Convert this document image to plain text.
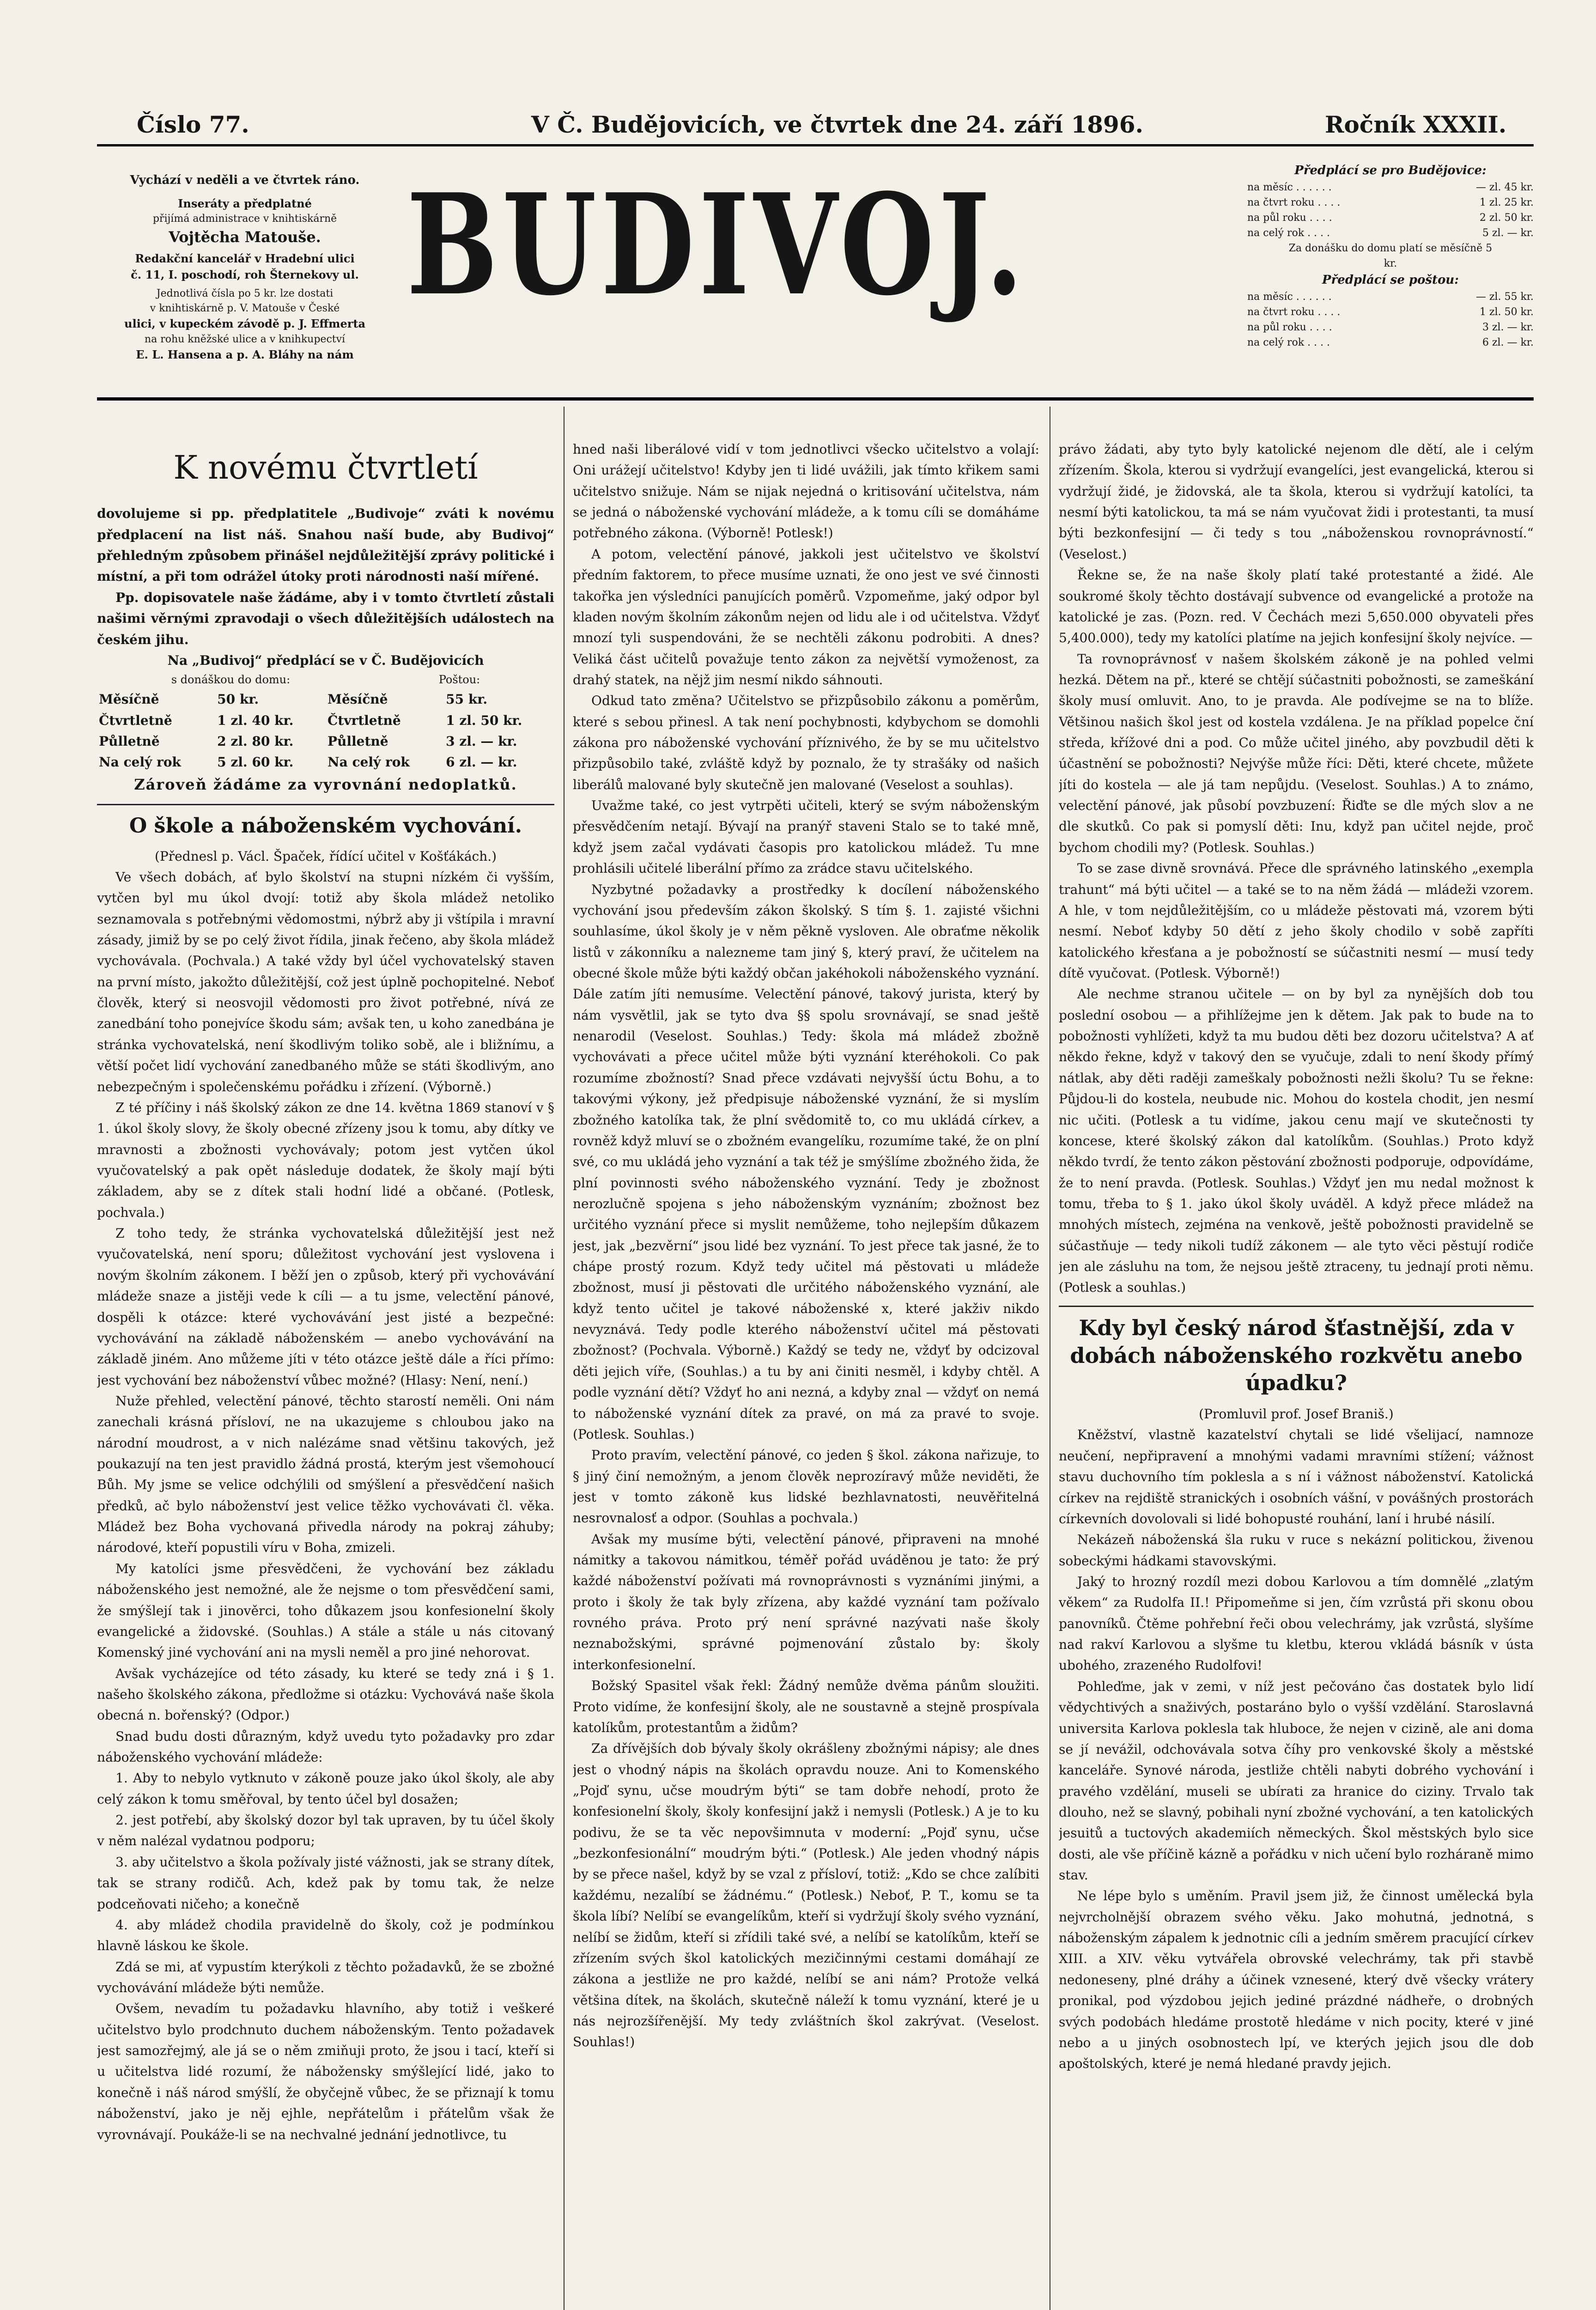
Číslo 77.	V Č. Budějovicích, ve čtvrtek dne 24. září 1896.	Ročník XXXII.
Vychází v neděli a ve čtvrtek ráno.
Inseráty a předplatné
přijímá administrace v knihtiskárně
Vojtěcha Matouše.
Redakční kancelář v Hradební ulici
č. 11, I. poschodí, roh Šternekovy ul.
Jednotlivá čísla po 5 kr. lze dostati
v knihtiskárně p. V. Matouše v České
ulici, v kupeckém závodě p. J. Effmerta
na rohu kněžské ulice a v knihkupectví
E. L. Hansena a p. A. Bláhy na nám
BUDIVOJ.	Předplácí se pro Budějovice:
na měsíc . . . . . .	— zl. 45 kr.
na čtvrt roku . . . .	1 zl. 25 kr.
na půl roku . . . .	2 zl. 50 kr.
na celý rok . . . .	5 zl. — kr.
Za donášku do domu platí se měsíčně 5 kr.
Předplácí se poštou:
na měsíc . . . . . .	— zl. 55 kr.
na čtvrt roku . . . .	1 zl. 50 kr.
na půl roku . . . .	3 zl. — kr.
na celý rok . . . .	6 zl. — kr.
K novému čtvrtletí

dovolujeme si pp. předplatitele „Budivoje“ zváti k novému předplacení na list náš. Snahou naší bude, aby Budivoj“ přehledným způsobem přinášel nejdůležitější zprávy politické i místní, a při tom odrážel útoky proti národnosti naší mířené.

Pp. dopisovatele naše žádáme, aby i v tomto čtvrtletí zůstali našimi věrnými zpravodaji o všech důležitějších událostech na českém jihu.

Na „Budivoj“ předplácí se v Č. Budějovicích

s donáškou do domu:	Poštou:
Měsíčně	50 kr.	Měsíčně	55 kr.
Čtvrtletně	1 zl. 40 kr.	Čtvrtletně	1 zl. 50 kr.
Půlletně	2 zl. 80 kr.	Půlletně	3 zl. — kr.
Na celý rok	5 zl. 60 kr.	Na celý rok	6 zl. — kr.

Zároveň žádáme za vyrovnání nedoplatků.

O škole a náboženském vychování.

(Přednesl p. Václ. Špaček, řídící učitel v Košťákách.)

Ve všech dobách, ať bylo školství na stupni nízkém či vyšším, vytčen byl mu úkol dvojí: totiž aby škola mládež netoliko seznamovala s potřebnými vědomostmi, nýbrž aby ji vštípila i mravní zásady, jimiž by se po celý život řídila, jinak řečeno, aby škola mládež vychovávala. (Pochvala.) A také vždy byl účel vychovatelský staven na první místo, jakožto důležitější, což jest úplně pochopitelné. Neboť člověk, který si neosvojil vědomosti pro život potřebné, nívá ze zanedbání toho ponejvíce škodu sám; avšak ten, u koho zanedbána je stránka vychovatelská, není škodlivým toliko sobě, ale i bližnímu, a větší počet lidí vychování zanedbaného může se státi škodlivým, ano nebezpečným i společenskému pořádku i zřízení. (Výborně.)

Z té příčiny i náš školský zákon ze dne 14. května 1869 stanoví v § 1. úkol školy slovy, že školy obecné zřízeny jsou k tomu, aby dítky ve mravnosti a zbožnosti vychovávaly; potom jest vytčen úkol vyučovatelský a pak opět následuje dodatek, že školy mají býti základem, aby se z dítek stali hodní lidé a občané. (Potlesk, pochvala.)

Z toho tedy, že stránka vychovatelská důležitější jest než vyučovatelská, není sporu; důležitost vychování jest vyslovena i novým školním zákonem. I běží jen o způsob, který při vychovávání mládeže snaze a jistěji vede k cíli — a tu jsme, velectění pánové, dospěli k otázce: které vychovávání jest jisté a bezpečné: vychovávání na základě náboženském — anebo vychovávání na základě jiném. Ano můžeme jíti v této otázce ještě dále a říci přímo: jest vychování bez náboženství vůbec možné? (Hlasy: Není, není.)

Nuže přehled, velectění pánové, těchto starostí neměli. Oni nám zanechali krásná přísloví, ne na ukazujeme s chloubou jako na národní moudrost, a v nich nalézáme snad většinu takových, jež poukazují na ten jest pravidlo žádná prostá, kterým jest všemohoucí Bůh. My jsme se velice odchýlili od smýšlení a přesvědčení našich předků, ač bylo náboženství jest velice těžko vychovávati čl. věka. Mládež bez Boha vychovaná přivedla národy na pokraj záhuby; národové, kteří popustili víru v Boha, zmizeli.

My katolíci jsme přesvědčeni, že vychování bez základu náboženského jest nemožné, ale že nejsme o tom přesvědčení sami, že smýšlejí tak i jinověrci, toho důkazem jsou konfesionelní školy evangelické a židovské. (Souhlas.) A stále a stále u nás citovaný Komenský jiné vychování ani na mysli neměl a pro jiné nehorovat.

Avšak vycházejíce od této zásady, ku které se tedy zná i § 1. našeho školského zákona, předložme si otázku: Vychovává naše škola obecná n. bořenský? (Odpor.)

Snad budu dosti důrazným, když uvedu tyto požadavky pro zdar náboženského vychování mládeže:

1. Aby to nebylo vytknuto v zákoně pouze jako úkol školy, ale aby celý zákon k tomu směřoval, by tento účel byl dosažen;

2. jest potřebí, aby školský dozor byl tak upraven, by tu účel školy v něm nalézal vydatnou podporu;

3. aby učitelstvo a škola požívaly jisté vážnosti, jak se strany dítek, tak se strany rodičů. Ach, kdež pak by tomu tak, že nelze podceňovati ničeho; a konečně

4. aby mládež chodila pravidelně do školy, což je podmínkou hlavně láskou ke škole.

Zdá se mi, ať vypustím kterýkoli z těchto požadavků, že se zbožné vychovávání mládeže býti nemůže.

Ovšem, nevadím tu požadavku hlavního, aby totiž i veškeré učitelstvo bylo prodchnuto duchem náboženským. Tento požadavek jest samozřejmý, ale já se o něm zmiňuji proto, že jsou i tací, kteří si u učitelstva lidé rozumí, že nábožensky smýšlející lidé, jako to konečně i náš národ smýšlí, že obyčejně vůbec, že se přiznají k tomu náboženství, jako je něj ejhle, nepřátelům i přátelům však že vyrovnávají. Poukáže-li se na nechvalné jednání jednotlivce, tu

hned naši liberálové vidí v tom jednotlivci všecko učitelstvo a volají: Oni urážejí učitelstvo! Kdyby jen ti lidé uvážili, jak tímto křikem sami učitelstvo snižuje. Nám se nijak nejedná o kritisování učitelstva, nám se jedná o náboženské vychování mládeže, a k tomu cíli se domáháme potřebného zákona. (Výborně! Potlesk!)

A potom, velectění pánové, jakkoli jest učitelstvo ve školství předním faktorem, to přece musíme uznati, že ono jest ve své činnosti takořka jen výsledníci panujících poměrů. Vzpomeňme, jaký odpor byl kladen novým školním zákonům nejen od lidu ale i od učitelstva. Vždyť mnozí tyli suspendováni, že se nechtěli zákonu podrobiti. A dnes? Veliká část učitelů považuje tento zákon za největší vymoženost, za drahý statek, na nějž jim nesmí nikdo sáhnouti.

Odkud tato změna? Učitelstvo se přizpůsobilo zákonu a poměrům, které s sebou přinesl. A tak není pochybnosti, kdybychom se domohli zákona pro náboženské vychování příznivého, že by se mu učitelstvo přizpůsobilo také, zvláště když by poznalo, že ty strašáky od našich liberálů malované byly skutečně jen malované (Veselost a souhlas).

Uvažme také, co jest vytrpěti učiteli, který se svým náboženským přesvědčením netají. Bývají na pranýř staveni Stalo se to také mně, když jsem začal vydávati časopis pro katolickou mládež. Tu mne prohlásili učitelé liberální přímo za zrádce stavu učitelského.

Nyzbytné požadavky a prostředky k docílení náboženského vychování jsou především zákon školský. S tím §. 1. zajisté všichni souhlasíme, úkol školy je v něm pěkně vysloven. Ale obraťme několik listů v zákonníku a nalezneme tam jiný §, který praví, že učitelem na obecné škole může býti každý občan jakéhokoli náboženského vyznání. Dále zatím jíti nemusíme. Velectění pánové, takový jurista, který by nám vysvětlil, jak se tyto dva §§ spolu srovnávají, se snad ještě nenarodil (Veselost. Souhlas.) Tedy: škola má mládež zbožně vychovávati a přece učitel může býti vyznání kteréhokoli. Co pak rozumíme zbožností? Snad přece vzdávati nejvyšší úctu Bohu, a to takovými výkony, jež předpisuje náboženské vyznání, že si myslím zbožného katolíka tak, že plní svědomitě to, co mu ukládá církev, a rovněž když mluví se o zbožném evangelíku, rozumíme také, že on plní své, co mu ukládá jeho vyznání a tak též je smýšlíme zbožného žida, že plní povinnosti svého náboženského vyznání. Tedy je zbožnost nerozlučně spojena s jeho náboženským vyznáním; zbožnost bez určitého vyznání přece si myslit nemůžeme, toho nejlepším důkazem jest, jak „bezvěrní“ jsou lidé bez vyznání. To jest přece tak jasné, že to chápe prostý rozum. Když tedy učitel má pěstovati u mládeže zbožnost, musí ji pěstovati dle určitého náboženského vyznání, ale když tento učitel je takové náboženské x, které jakživ nikdo nevyznává. Tedy podle kterého náboženství učitel má pěstovati zbožnost? (Pochvala. Výborně.) Každý se tedy ne, vždyť by odcizoval děti jejich víře, (Souhlas.) a tu by ani činiti nesměl, i kdyby chtěl. A podle vyznání dětí? Vždyť ho ani nezná, a kdyby znal — vždyť on nemá to náboženské vyznání dítek za pravé, on má za pravé to svoje. (Potlesk. Souhlas.)

Proto pravím, velectění pánové, co jeden § škol. zákona nařizuje, to § jiný činí nemožným, a jenom člověk neprozíravý může neviděti, že jest v tomto zákoně kus lidské bezhlavnatosti, neuvěřitelná nesrovnalosť a odpor. (Souhlas a pochvala.)

Avšak my musíme býti, velectění pánové, připraveni na mnohé námitky a takovou námitkou, téměř pořád uváděnou je tato: že prý každé náboženství požívati má rovnoprávnosti s vyznáními jinými, a proto i školy že tak byly zřízena, aby každé vyznání tam požívalo rovného práva. Proto prý není správné nazývati naše školy neznabožskými, správné pojmenování zůstalo by: školy interkonfesionelní.

Božský Spasitel však řekl: Žádný nemůže dvěma pánům sloužiti. Proto vidíme, že konfesijní školy, ale ne soustavně a stejně prospívala katolíkům, protestantům a židům?

Za dřívějších dob bývaly školy okrášleny zbožnými nápisy; ale dnes jest o vhodný nápis na školách opravdu nouze. Ani to Komenského „Pojď synu, učse moudrým býti“ se tam dobře nehodí, proto že konfesionelní školy, školy konfesijní jakž i nemysli (Potlesk.) A je to ku podivu, že se ta věc nepovšimnuta v moderní: „Pojď synu, učse „bezkonfesionální“ moudrým býti.“ (Potlesk.) Ale jeden vhodný nápis by se přece našel, když by se vzal z přísloví, totiž: „Kdo se chce zalíbiti každému, nezalíbí se žádnému.“ (Potlesk.) Neboť, P. T., komu se ta škola líbí? Nelíbí se evangelíkům, kteří si vydržují školy svého vyznání, nelíbí se židům, kteří si zřídili také své, a nelíbí se katolíkům, kteří se zřízením svých škol katolických mezičinnými cestami domáhají ze zákona a jestliže ne pro každé, nelíbí se ani nám? Protože velká většina dítek, na školách, skutečně náleží k tomu vyznání, které je u nás nejrozšířenější. My tedy zvláštních škol zakrývat. (Veselost. Souhlas!)

právo žádati, aby tyto byly katolické nejenom dle dětí, ale i celým zřízením. Škola, kterou si vydržují evangelíci, jest evangelická, kterou si vydržují židé, je židovská, ale ta škola, kterou si vydržují katolíci, ta nesmí býti katolickou, ta má se nám vyučovat židi i protestanti, ta musí býti bezkonfesijní — či tedy s tou „náboženskou rovnoprávností.“ (Veselost.)

Řekne se, že na naše školy platí také protestanté a židé. Ale soukromé školy těchto dostávají subvence od evangelické a protože na katolické je zas. (Pozn. red. V Čechách mezi 5,650.000 obyvateli přes 5,400.000), tedy my katolíci platíme na jejich konfesijní školy nejvíce. —

Ta rovnoprávnosť v našem školském zákoně je na pohled velmi hezká. Dětem na př., které se chtějí súčastniti pobožnosti, se zameškání školy musí omluvit. Ano, to je pravda. Ale podívejme se na to blíže. Většinou našich škol jest od kostela vzdálena. Je na příklad popelce ční středa, křížové dni a pod. Co může učitel jiného, aby povzbudil děti k účastnění se pobožnosti? Nejvýše může říci: Děti, které chcete, můžete jíti do kostela — ale já tam nepůjdu. (Veselost. Souhlas.) A to známo, velectění pánové, jak působí povzbuzení: Řiďte se dle mých slov a ne dle skutků. Co pak si pomyslí děti: Inu, když pan učitel nejde, proč bychom chodili my? (Potlesk. Souhlas.)

To se zase divně srovnává. Přece dle správného latinského „exempla trahunt“ má býti učitel — a také se to na něm žádá — mládeži vzorem. A hle, v tom nejdůležitějším, co u mládeže pěstovati má, vzorem býti nesmí. Neboť kdyby 50 dětí z jeho školy chodilo v sobě zapříti katolického křesťana a je pobožností se súčastniti nesmí — musí tedy dítě vyučovat. (Potlesk. Výborně!)

Ale nechme stranou učitele — on by byl za nynějších dob tou poslední osobou — a přihlížejme jen k dětem. Jak pak to bude na to pobožnosti vyhlížeti, když ta mu budou děti bez dozoru učitelstva? A ať někdo řekne, když v takový den se vyučuje, zdali to není škody přímý nátlak, aby děti raději zameškaly pobožnosti nežli školu? Tu se řekne: Půjdou-li do kostela, neubude nic. Mohou do kostela chodit, jen nesmí nic učiti. (Potlesk a tu vidíme, jakou cenu mají ve skutečnosti ty koncese, které školský zákon dal katolíkům. (Souhlas.) Proto když někdo tvrdí, že tento zákon pěstování zbožnosti podporuje, odpovídáme, že to není pravda. (Potlesk. Souhlas.) Vždyť jen mu nedal možnost k tomu, třeba to § 1. jako úkol školy uváděl. A když přece mládež na mnohých místech, zejména na venkově, ještě pobožnosti pravidelně se súčastňuje — tedy nikoli tudíž zákonem — ale tyto věci pěstují rodiče jen ale zásluhu na tom, že nejsou ještě ztraceny, tu jednají proti němu. (Potlesk a souhlas.)

Kdy byl český národ šťastnější, zda v dobách náboženského rozkvětu anebo úpadku?

(Promluvil prof. Josef Braniš.)

Kněžství, vlastně kazatelství chytali se lidé všelijací, namnoze neučení, nepřipravení a mnohými vadami mravními stížení; vážnost stavu duchovního tím poklesla a s ní i vážnost náboženství. Katolická církev na rejdiště stranických i osobních vášní, v povášných prostorách církevních dovolovali si lidé bohopusté rouhání, laní i hrubé násilí.

Nekázeň náboženská šla ruku v ruce s nekázní politickou, živenou sobeckými hádkami stavovskými.

Jaký to hrozný rozdíl mezi dobou Karlovou a tím domnělé „zlatým věkem“ za Rudolfa II.! Připomeňme si jen, čím vzrůstá při skonu obou panovníků. Čtěme pohřební řeči obou velechrámy, jak vzrůstá, slyšíme nad rakví Karlovou a slyšme tu kletbu, kterou vkládá básník v ústa ubohého, zrazeného Rudolfovi!

Pohleďme, jak v zemi, v níž jest pečováno čas dostatek bylo lidí vědychtivých a snaživých, postaráno bylo o vyšší vzdělání. Staroslavná universita Karlova poklesla tak hluboce, že nejen v cizině, ale ani doma se jí nevážil, odchovávala sotva číhy pro venkovské školy a městské kanceláře. Synové národa, jestliže chtěli nabyti dobrého vychování i pravého vzdělání, museli se ubírati za hranice do ciziny. Trvalo tak dlouho, než se slavný, pobihali nyní zbožné vychování, a ten katolických jesuitů a tuctových akademiích německých. Škol městských bylo sice dosti, ale vše příčině kázně a pořádku v nich učení bylo rozháraně mimo stav.

Ne lépe bylo s uměním. Pravil jsem již, že činnost umělecká byla nejvrcholnější obrazem svého věku. Jako mohutná, jednotná, s náboženským zápalem k jednotnic cíli a jedním směrem pracující církev XIII. a XIV. věku vytvářela obrovské velechrámy, tak při stavbě nedoneseny, plné dráhy a účinek vznesené, který dvě všecky vrátery pronikal, pod výzdobou jejich jediné prázdné nádheře, o drobných svých podobách hledáme prostotě hledáme v nich pocity, které v jiné nebo a u jiných osobnostech lpí, ve kterých jejich jsou dle dob apoštolských, které je nemá hledané pravdy jejich.
